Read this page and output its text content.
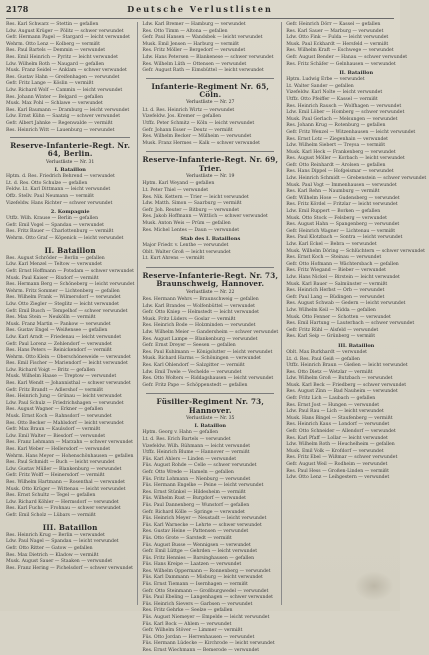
2178	Deutsche Verlustlisten
Res. Karl Schwarz — Stettin — gefallen
Ldw. August Krüger — Pölitz — schwer verwundet
Gefr. Hermann Pagel — Stargard — leicht verwundet
Wehrm. Otto Lenz — Kolberg — vermißt
Res. Paul Bartels — Demmin — verwundet
Res. Emil Heinrich — Pyritz — leicht verwundet
Ldw. Wilhelm Roth — Naugard — gefallen
Musk. Franz Seidel — Anklam — schwer verwundet
Res. Gustav Hahn — Greifenhagen — verwundet
Gefr. Fritz Lange — Köslin — vermißt
Ldw. Richard Wolf — Cammin — leicht verwundet
Res. Johann Winter — Belgard — gefallen
Musk. Max Pohl — Schlawe — verwundet
Res. Karl Baumann — Dramburg — leicht verwundet
Ldw. Ernst Kühn — Saatzig — schwer verwundet
Gefr. Albert Jahnke — Regenwalde — vermißt
Res. Heinrich Witt — Lauenburg — verwundet
Reserve-Infanterie-Regt. Nr. 64, Berlin.
Verlustliste — Nr. 31
I. Bataillon
Hptm. d. Res. Friedrich Behrend — verwundet
Lt. d. Res. Otto Schulze — gefallen
Feldw. Lt. Karl Dittmann — leicht verwundet
Offz. Stellv. Paul Neumann — vermißt
Vizefeldw. Hans Richter — schwer verwundet
2. Kompagnie
Utffz. Wilh. Krause — Berlin — gefallen
Gefr. Emil Vogel — Spandau — verwundet
Res. Fritz Bauer — Charlottenburg — vermißt
Wehrm. Otto Graf — Köpenick — leicht verwundet
II. Bataillon
Res. August Schröder — Berlin — gefallen
Ldw. Karl Menzel — Teltow — verwundet
Gefr. Ernst Hoffmann — Potsdam — schwer verwundet
Musk. Paul Kaiser — Rixdorf — vermißt
Res. Hermann Berg — Schöneberg — leicht verwundet
Wehrm. Fritz Sommer — Lichtenberg — gefallen
Res. Wilhelm Frank — Wilmersdorf — verwundet
Ldw. Otto Ziegler — Steglitz — leicht verwundet
Gefr. Emil Busch — Tempelhof — schwer verwundet
Res. Max Stein — Neukölln — vermißt
Musk. Franz Martin — Pankow — verwundet
Res. Gustav Engel — Weißensee — gefallen
Ldw. Karl Arndt — Friedenau — leicht verwundet
Gefr. Paul Lorenz — Zehlendorf — verwundet
Res. Hans Peters — Reinickendorf — vermißt
Wehrm. Otto Klein — Oberschöneweide — verwundet
Res. Emil Fischer — Mariendorf — leicht verwundet
Ldw. Richard Voigt — Britz — gefallen
Musk. Wilhelm Haase — Treptow — verwundet
Res. Karl Wendt — Johannisthal — schwer verwundet
Gefr. Fritz Brandt — Adlershof — vermißt
Res. Heinrich Jung — Grünau — leicht verwundet
Ldw. Paul Schulz — Friedrichshagen — verwundet
Res. August Wagner — Erkner — gefallen
Musk. Ernst Koch — Rahnsdorf — verwundet
Res. Otto Becker — Mahlsdorf — leicht verwundet
Gefr. Max Braun — Kaulsdorf — vermißt
Ldw. Emil Walter — Biesdorf — verwundet
Res. Franz Lehmann — Marzahn — schwer verwundet
Res. Karl Weber — Hellersdorf — verwundet
Wehrm. Hans Meyer — Hohenschönhausen — gefallen
Res. Paul Schmidt — Buch — leicht verwundet
Ldw. Gustav Müller — Blankenburg — verwundet
Gefr. Fritz Wolff — Heinersdorf — vermißt
Res. Wilhelm Hartmann — Rosenthal — verwundet
Musk. Otto Krüger — Wittenau — leicht verwundet
Res. Ernst Schultz — Tegel — gefallen
Ldw. Richard Köhler — Hermsdorf — verwundet
Res. Karl Fuchs — Frohnau — schwer verwundet
Gefr. Emil Scholz — Lübars — vermißt
III. Bataillon
Res. Heinrich Krug — Berlin — verwundet
Ldw. Paul Nagel — Spandau — leicht verwundet
Gefr. Otto Ritter — Gatow — gefallen
Res. Max Dietrich — Kladow — vermißt
Musk. August Sauer — Staaken — verwundet
Res. Franz Hering — Pichelsdorf — schwer verwundet
Ldw. Karl Bremer — Hamburg — verwundet
Res. Otto Timm — Altona — gefallen
Gefr. Paul Hansen — Wandsbek — leicht verwundet
Musk. Emil Jensen — Harburg — vermißt
Res. Fritz Möller — Bergedorf — verwundet
Ldw. Hans Petersen — Blankenese — schwer verwundet
Res. Wilhelm Lüth — Ottensen — verwundet
Gefr. August Rath — Eimsbüttel — leicht verwundet
Infanterie-Regiment Nr. 65, Cöln.
Verlustliste — Nr. 27
Lt. d. Res. Heinrich Wirtz — verwundet
Vizefeldw. Jos. Kremer — gefallen
Utffz. Peter Schmitz — Köln — leicht verwundet
Gefr. Johann Esser — Deutz — vermißt
Res. Wilhelm Becker — Mülheim — verwundet
Musk. Franz Hermes — Kalk — schwer verwundet
Reserve-Infanterie-Regt. Nr. 69, Trier.
Verlustliste — Nr. 19
Hptm. Karl Weyand — gefallen
Lt. Peter Thiel — verwundet
Res. Nik. Kettern — Trier — leicht verwundet
Ldw. Matth. Simon — Saarburg — vermißt
Gefr. Joh. Reuter — Bitburg — verwundet
Res. Jakob Hoffmann — Wittlich — schwer verwundet
Musk. Anton Weis — Prüm — gefallen
Res. Michel Lentes — Daun — verwundet
Stab des I. Bataillons
Major Friedr. v. Lenthe — verwundet
Oblt. Walter Groß — leicht verwundet
Lt. Kurt Ahrens — vermißt
Reserve-Infanterie-Regt. Nr. 73, Braunschweig, Hannover.
Verlustliste — Nr. 22
Res. Hermann Wehrs — Braunschweig — gefallen
Ldw. Karl Brandes — Wolfenbüttel — verwundet
Gefr. Otto Kniep — Helmstedt — leicht verwundet
Musk. Fritz Lüders — Goslar — vermißt
Res. Heinrich Bode — Holzminden — verwundet
Ldw. Wilhelm Meier — Gandersheim — schwer verwundet
Res. August Lampe — Blankenburg — verwundet
Gefr. Ernst Dreyer — Seesen — gefallen
Res. Paul Kuhlmann — Königslutter — leicht verwundet
Musk. Richard Harms — Schöningen — verwundet
Res. Karl Ohlendorf — Salzgitter — vermißt
Ldw. Emil Twele — Vechelde — verwundet
Res. Otto Wolters — Riddagshausen — leicht verwundet
Gefr. Fritz Pape — Schöppenstedt — gefallen
Füsilier-Regiment Nr. 73, Hannover.
Verlustliste — Nr. 35
I. Bataillon
Hptm. Georg v. Hahn — gefallen
Lt. d. Res. Erich Bartels — verwundet
Vizefeldw. Wilh. Rühmann — leicht verwundet
Utffz. Heinrich Blume — Hannover — vermißt
Füs. Karl Ahlers — Linden — verwundet
Füs. August Rohde — Celle — schwer verwundet
Gefr. Otto Wrede — Hameln — gefallen
Füs. Fritz Lohmann — Nienburg — verwundet
Füs. Hermann Engelke — Peine — leicht verwundet
Res. Ernst Stünkel — Hildesheim — vermißt
Füs. Wilhelm Rust — Burgdorf — verwundet
Füs. Paul Dannenberg — Wunstorf — gefallen
Gefr. Richard Kölle — Springe — verwundet
Füs. Heinrich Meyer — Neustadt — leicht verwundet
Füs. Karl Warnecke — Lehrte — schwer verwundet
Res. Gustav Heine — Pattensen — verwundet
Füs. Otto Grote — Sarstedt — vermißt
Füs. August Busse — Wennigsen — verwundet
Gefr. Emil Lüttge — Gehrden — leicht verwundet
Füs. Fritz Hennies — Barsinghausen — gefallen
Füs. Hans Kreipe — Laatzen — verwundet
Res. Wilhelm Oppermann — Ronnenberg — verwundet
Füs. Karl Dammann — Misburg — leicht verwundet
Füs. Ernst Tiemann — Isernhagen — vermißt
Gefr. Otto Steinmann — Großburgwedel — verwundet
Füs. Paul Ebeling — Langenhagen — schwer verwundet
Füs. Heinrich Sievers — Garbsen — verwundet
Res. Fritz Gehrke — Seelze — gefallen
Füs. August Niemeyer — Empelde — leicht verwundet
Füs. Karl Bock — Ahlem — verwundet
Gefr. Wilhelm Stöver — Limmer — vermißt
Füs. Otto Jordan — Herrenhausen — verwundet
Füs. Hermann Lüdecke — Kirchrode — leicht verwundet
Res. Ernst Wiechmann — Bemerode — verwundet
Gefr. Heinrich Dörr — Kassel — gefallen
Res. Karl Sauer — Marburg — verwundet
Ldw. Otto Fink — Fulda — leicht verwundet
Musk. Paul Eckhardt — Hersfeld — vermißt
Res. Wilhelm Kraft — Eschwege — verwundet
Gefr. August Bender — Hanau — schwer verwundet
Res. Fritz Schäfer — Gelnhausen — verwundet
II. Bataillon
Hptm. Ludwig Erbe — verwundet
Lt. Walter Sander — gefallen
Vizefeldw. Karl Nolte — leicht verwundet
Utffz. Otto Pfeiffer — Kassel — vermißt
Res. Heinrich Rausch — Wolfhagen — verwundet
Ldw. Emil Löber — Homberg — schwer verwundet
Musk. Paul Gerlach — Melsungen — verwundet
Res. Johann Krug — Rotenburg — gefallen
Gefr. Fritz Wenzel — Witzenhausen — leicht verwundet
Res. Ernst Lotz — Ziegenhain — verwundet
Ldw. Wilhelm Siebert — Treysa — vermißt
Musk. Karl Heck — Frankenberg — verwundet
Res. August Möller — Korbach — leicht verwundet
Gefr. Otto Reinhardt — Arolsen — gefallen
Res. Hans Dippel — Hofgeismar — verwundet
Ldw. Heinrich Schmidt — Grebenstein — schwer verwundet
Musk. Paul Vogt — Immenhausen — verwundet
Res. Karl Rehn — Naumburg — vermißt
Gefr. Wilhelm Hose — Gudensberg — verwundet
Res. Fritz Kördel — Fritzlar — leicht verwundet
Ldw. Emil Ruppert — Borken — gefallen
Musk. Otto Stock — Felsberg — verwundet
Res. August Hahn — Spangenberg — verwundet
Gefr. Heinrich Wagner — Lichtenau — vermißt
Res. Paul Klotzbach — Sontra — leicht verwundet
Ldw. Karl Eckel — Bebra — verwundet
Musk. Wilhelm Döring — Schlüchtern — schwer verwundet
Res. Ernst Koch — Steinau — verwundet
Gefr. Otto Hofmann — Wächtersbach — gefallen
Res. Fritz Wiegand — Bieber — verwundet
Ldw. Hans Nickel — Birstein — leicht verwundet
Musk. Karl Bauer — Salmünster — vermißt
Res. Heinrich Herbst — Orb — verwundet
Gefr. Paul Lang — Büdingen — verwundet
Res. August Schwab — Gedern — leicht verwundet
Ldw. Wilhelm Keil — Nidda — gefallen
Musk. Otto Fenner — Schotten — verwundet
Res. Emil Hartung — Lauterbach — schwer verwundet
Gefr. Fritz Rühl — Alsfeld — verwundet
Res. Karl Seip — Grünberg — vermißt
III. Bataillon
Oblt. Max Burkhardt — verwundet
Lt. d. Res. Paul Geiß — gefallen
Utffz. Heinrich Braun — Gießen — leicht verwundet
Res. Otto Dietz — Wetzlar — vermißt
Ldw. Wilhelm Groß — Butzbach — verwundet
Musk. Karl Beck — Friedberg — schwer verwundet
Res. August Zinn — Bad Nauheim — verwundet
Gefr. Fritz Lich — Laubach — gefallen
Res. Ernst Jost — Hungen — verwundet
Ldw. Paul Rau — Lich — leicht verwundet
Musk. Hans Bingel — Staufenberg — vermißt
Res. Heinrich Kaus — Londorf — verwundet
Gefr. Otto Schneider — Allendorf — verwundet
Res. Karl Pfaff — Lollar — leicht verwundet
Ldw. Wilhelm Roth — Heuchelheim — gefallen
Musk. Emil Volk — Krofdorf — verwundet
Res. Fritz Ebel — Wißmar — schwer verwundet
Gefr. August Weil — Rodheim — verwundet
Res. Paul Hess — Großen-Linden — vermißt
Ldw. Otto Lenz — Leihgestern — verwundet
